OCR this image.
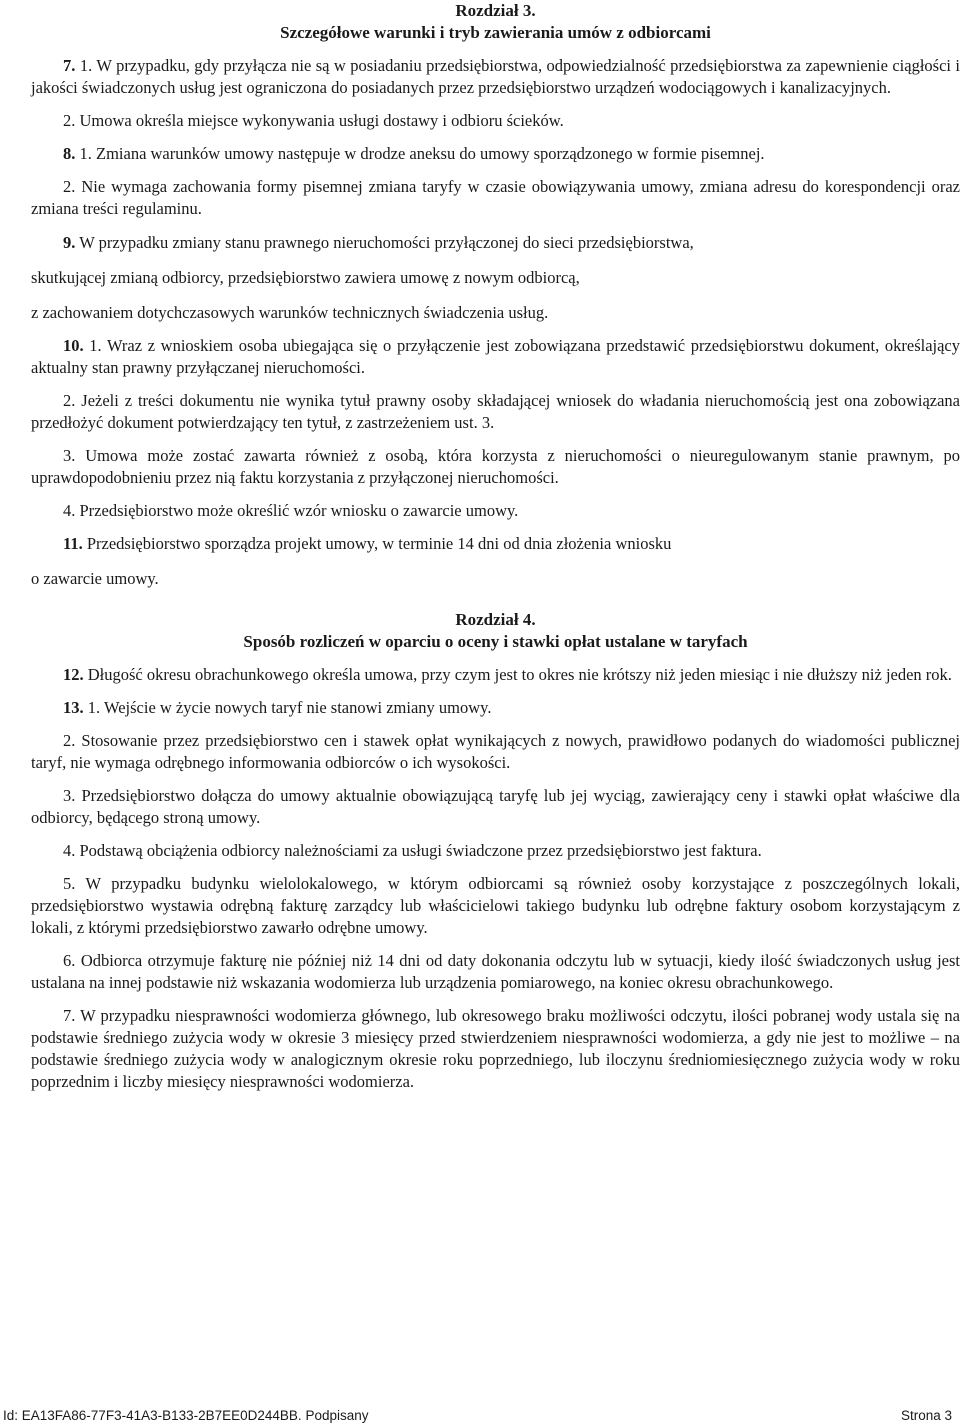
Rozdział 3.
Szczegółowe warunki i tryb zawierania umów z odbiorcami

7. 1. W przypadku, gdy przyłącza nie są w posiadaniu przedsiębiorstwa, odpowiedzialność przedsiębiorstwa za zapewnienie ciągłości i jakości świadczonych usług jest ograniczona do posiadanych przez przedsiębiorstwo urządzeń wodociągowych i kanalizacyjnych.

2. Umowa określa miejsce wykonywania usługi dostawy i odbioru ścieków.

8. 1. Zmiana warunków umowy następuje w drodze aneksu do umowy sporządzonego w formie pisemnej.

2. Nie wymaga zachowania formy pisemnej zmiana taryfy w czasie obowiązywania umowy, zmiana adresu do korespondencji oraz zmiana treści regulaminu.

9. W przypadku zmiany stanu prawnego nieruchomości przyłączonej do sieci przedsiębiorstwa,
skutkującej zmianą odbiorcy, przedsiębiorstwo zawiera umowę z nowym odbiorcą,
z zachowaniem dotychczasowych warunków technicznych świadczenia usług.

10. 1. Wraz z wnioskiem osoba ubiegająca się o przyłączenie jest zobowiązana przedstawić przedsiębiorstwu dokument, określający aktualny stan prawny przyłączanej nieruchomości.

2. Jeżeli z treści dokumentu nie wynika tytuł prawny osoby składającej wniosek do władania nieruchomością jest ona zobowiązana przedłożyć dokument potwierdzający ten tytuł, z zastrzeżeniem ust. 3.

3. Umowa może zostać zawarta również z osobą, która korzysta z nieruchomości o nieuregulowanym stanie prawnym, po uprawdopodobnieniu przez nią faktu korzystania z przyłączonej nieruchomości.

4. Przedsiębiorstwo może określić wzór wniosku o zawarcie umowy.

11. Przedsiębiorstwo sporządza projekt umowy, w terminie 14 dni od dnia złożenia wniosku
o zawarcie umowy.

Rozdział 4.
Sposób rozliczeń w oparciu o oceny i stawki opłat ustalane w taryfach

12. Długość okresu obrachunkowego określa umowa, przy czym jest to okres nie krótszy niż jeden miesiąc i nie dłuższy niż jeden rok.

13. 1. Wejście w życie nowych taryf nie stanowi zmiany umowy.

2. Stosowanie przez przedsiębiorstwo cen i stawek opłat wynikających z nowych, prawidłowo podanych do wiadomości publicznej taryf, nie wymaga odrębnego informowania odbiorców o ich wysokości.

3. Przedsiębiorstwo dołącza do umowy aktualnie obowiązującą taryfę lub jej wyciąg, zawierający ceny i stawki opłat właściwe dla odbiorcy, będącego stroną umowy.

4. Podstawą obciążenia odbiorcy należnościami za usługi świadczone przez przedsiębiorstwo jest faktura.

5. W przypadku budynku wielolokalowego, w którym odbiorcami są również osoby korzystające z poszczególnych lokali, przedsiębiorstwo wystawia odrębną fakturę zarządcy lub właścicielowi takiego budynku lub odrębne faktury osobom korzystającym z lokali, z którymi przedsiębiorstwo zawarło odrębne umowy.

6. Odbiorca otrzymuje fakturę nie później niż 14 dni od daty dokonania odczytu lub w sytuacji, kiedy ilość świadczonych usług jest ustalana na innej podstawie niż wskazania wodomierza lub urządzenia pomiarowego, na koniec okresu obrachunkowego.

7. W przypadku niesprawności wodomierza głównego, lub okresowego braku możliwości odczytu, ilości pobranej wody ustala się na podstawie średniego zużycia wody w okresie 3 miesięcy przed stwierdzeniem niesprawności wodomierza, a gdy nie jest to możliwe – na podstawie średniego zużycia wody w analogicznym okresie roku poprzedniego, lub iloczynu średniomiesięcznego zużycia wody w roku poprzednim i liczby miesięcy niesprawności wodomierza.

Id: EA13FA86-77F3-41A3-B133-2B7EE0D244BB. Podpisany	Strona 3
